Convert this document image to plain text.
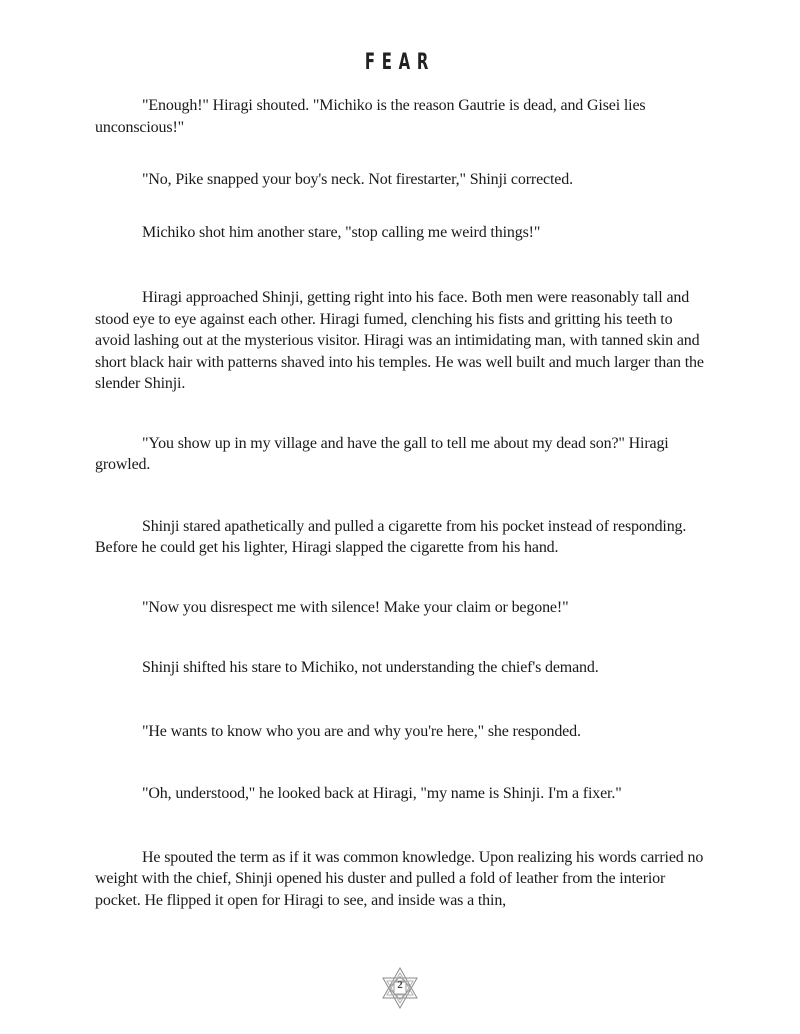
FEAR

"Enough!" Hiragi shouted. "Michiko is the reason Gautrie is dead, and Gisei lies unconscious!"

"No, Pike snapped your boy's neck. Not firestarter," Shinji corrected.

Michiko shot him another stare, "stop calling me weird things!"

Hiragi approached Shinji, getting right into his face. Both men were reasonably tall and stood eye to eye against each other. Hiragi fumed, clenching his fists and gritting his teeth to avoid lashing out at the mysterious visitor. Hiragi was an intimidating man, with tanned skin and short black hair with patterns shaved into his temples. He was well built and much larger than the slender Shinji.

"You show up in my village and have the gall to tell me about my dead son?" Hiragi growled.

Shinji stared apathetically and pulled a cigarette from his pocket instead of responding. Before he could get his lighter, Hiragi slapped the cigarette from his hand.

"Now you disrespect me with silence! Make your claim or begone!"

Shinji shifted his stare to Michiko, not understanding the chief's demand.

"He wants to know who you are and why you're here," she responded.

"Oh, understood," he looked back at Hiragi, "my name is Shinji. I'm a fixer."

He spouted the term as if it was common knowledge. Upon realizing his words carried no weight with the chief, Shinji opened his duster and pulled a fold of leather from the interior pocket. He flipped it open for Hiragi to see, and inside was a thin,

2
